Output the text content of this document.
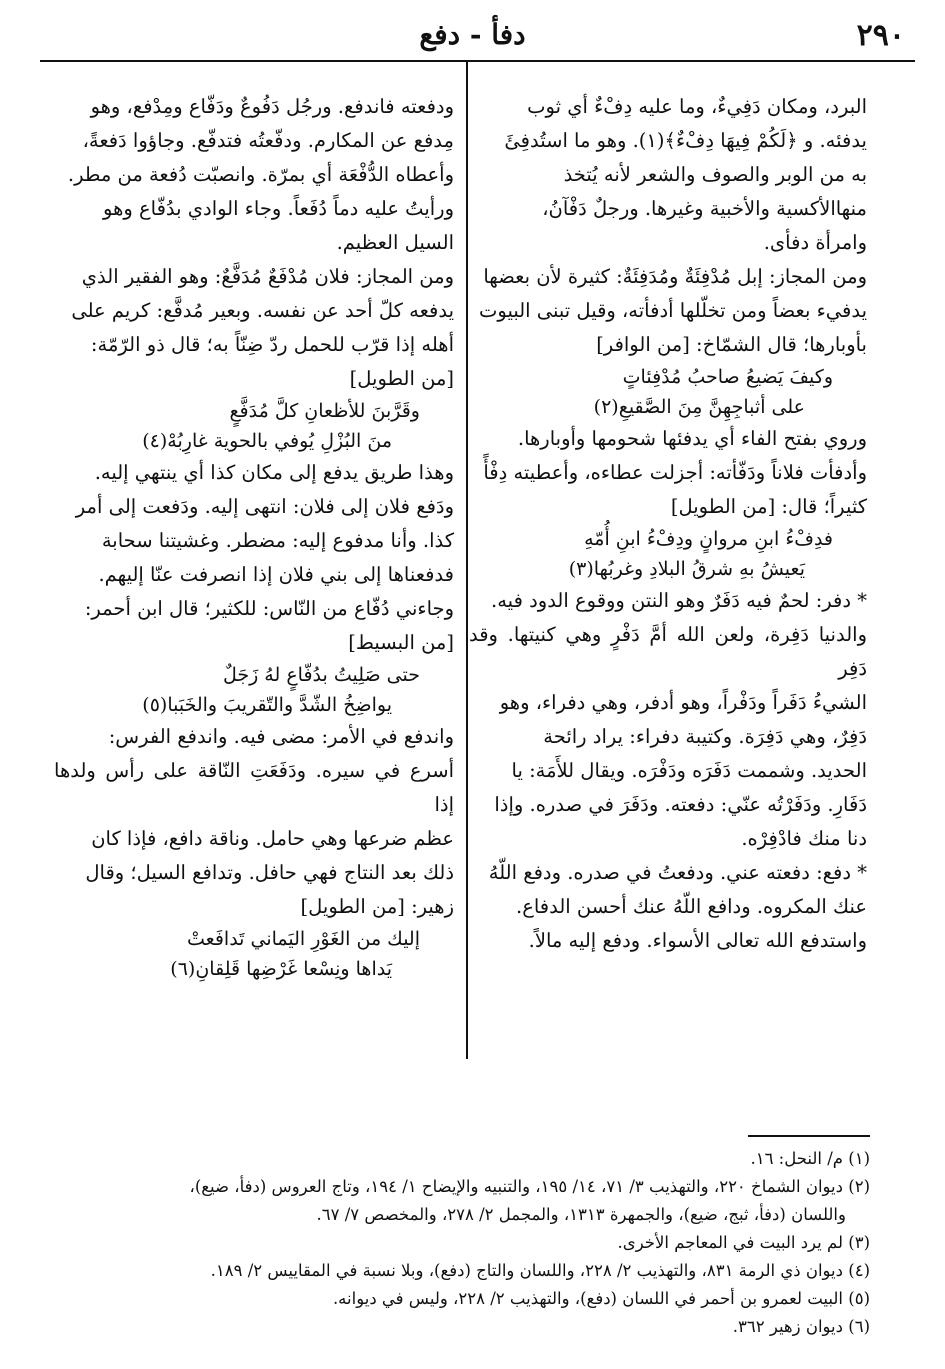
٢٩٠
دفأ - دفع

البرد، ومكان دَفِيءٌ، وما عليه دِفْءٌ أي ثوب

يدفئه. و ﴿لَكُمْ فِيهَا دِفْءٌ﴾(١). وهو ما استُدفِئَ

به من الوبر والصوف والشعر لأنه يُتخذ

منهاالأكسية والأخبية وغيرها. ورجلٌ دَفْآنُ،

وامرأة دفأى.

ومن المجاز: إبل مُدْفِئَةٌ ومُدَفِئَةٌ: كثيرة لأن بعضها

يدفيء بعضاً ومن تخلّلها أدفأته، وقيل تبنى البيوت

بأوبارها؛ قال الشمّاخ: [من الوافر]

وكيفَ يَضيعُ صاحبُ مُدْفِئاتٍ

على أثباجِهِنَّ مِنَ الصَّقيعِ(٢)

وروي بفتح الفاء أي يدفئها شحومها وأوبارها.

وأدفأت فلاناً ودَفّأته: أجزلت عطاءه، وأعطيته دِفْأً

كثيراً؛ قال: [من الطويل]

فدِفْءُ ابنِ مروانٍ ودِفْءُ ابنِ أُمّهِ

يَعيشُ بهِ شرقُ البلادِ وغربُها(٣)

* دفر: لحمٌ فيه دَفَرٌ وهو النتن ووقوع الدود فيه.

والدنيا دَفِرة، ولعن الله أمَّ دَفْرٍ وهي كنيتها. وقد دَفِر

الشيءُ دَفَراً ودَفْراً، وهو أدفر، وهي دفراء، وهو

دَفِرٌ، وهي دَفِرَة. وكتيبة دفراء: يراد رائحة

الحديد. وشممت دَفَرَه ودَفْرَه. ويقال للأَمَة: يا

دَفَارِ. ودَفَرْتُه عنّي: دفعته. ودَفَرَ في صدره. وإذا

دنا منك فادْفِرْه.

* دفع: دفعته عني. ودفعتُ في صدره. ودفع اللّهُ

عنك المكروه. ودافع اللّهُ عنك أحسن الدفاع.

واستدفع الله تعالى الأسواء. ودفع إليه مالاً.

ودفعته فاندفع. ورجُل دَفُوعٌ ودَفّاع ومِدْفع، وهو

مِدفع عن المكارم. ودفّعتُه فتدفّع. وجاؤوا دَفعةً،

وأعطاه الدُّفْعَة أي بمرّة. وانصبّت دُفعة من مطر.

ورأيتُ عليه دماً دُفَعاً. وجاء الوادي بدُفّاع وهو

السيل العظيم.

ومن المجاز: فلان مُدْفَعٌ مُدَفَّعٌ: وهو الفقير الذي

يدفعه كلّ أحد عن نفسه. وبعير مُدفَّع: كريم على

أهله إذا قرّب للحمل ردّ ضِنّاً به؛ قال ذو الرّمّة:

[من الطويل]

وقَرَّبنَ للأظعانِ كلَّ مُدَفَّعٍ

منَ البُزْلِ يُوفي بالحوية غارِبُهْ(٤)

وهذا طريق يدفع إلى مكان كذا أي ينتهي إليه.

ودَفع فلان إلى فلان: انتهى إليه. ودَفعت إلى أمر

كذا. وأنا مدفوع إليه: مضطر. وغشيتنا سحابة

فدفعناها إلى بني فلان إذا انصرفت عنّا إليهم.

وجاءني دُفّاع من النّاس: للكثير؛ قال ابن أحمر:

[من البسيط]

حتى صَلِيتُ بدُفّاعٍ لهُ زَجَلٌ

يواضِخُ الشّدَّ والتّقريبَ والخَبَبا(٥)

واندفع في الأمر: مضى فيه. واندفع الفرس:

أسرع في سيره. ودَفَعَتِ النّاقة على رأس ولدها إذا

عظم ضرعها وهي حامل. وناقة دافع، فإذا كان

ذلك بعد النتاج فهي حافل. وتدافع السيل؛ وقال

زهير: [من الطويل]

إليك من الغَوْرِ اليَماني تَدافَعتْ

يَداها ونِسْعا غَرْضِها قَلِقانِ(٦)

(١) م/ النحل: ١٦.

(٢) ديوان الشماخ ٢٢٠، والتهذيب ٣/ ٧١، ١٤/ ١٩٥، والتنبيه والإيضاح ١/ ١٩٤، وتاج العروس (دفأ، ضيع)،

واللسان (دفأ، ثبج، ضيع)، والجمهرة ١٣١٣، والمجمل ٢/ ٢٧٨، والمخصص ٧/ ٦٧.

(٣) لم يرد البيت في المعاجم الأخرى.

(٤) ديوان ذي الرمة ٨٣١، والتهذيب ٢/ ٢٢٨، واللسان والتاج (دفع)، وبلا نسبة في المقاييس ٢/ ١٨٩.

(٥) البيت لعمرو بن أحمر في اللسان (دفع)، والتهذيب ٢/ ٢٢٨، وليس في ديوانه.

(٦) ديوان زهير ٣٦٢.
